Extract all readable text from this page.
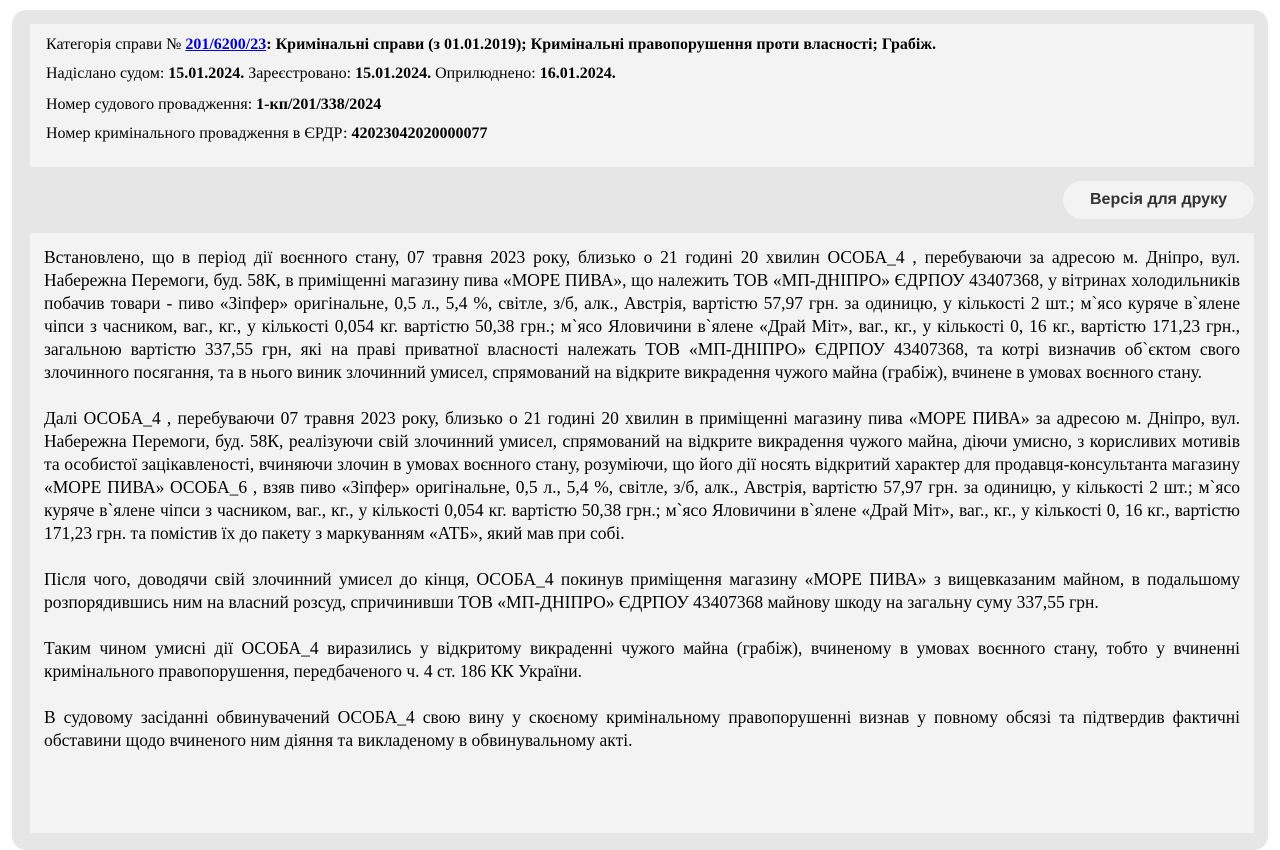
Категорія справи № 201/6200/23: Кримінальні справи (з 01.01.2019); Кримінальні правопорушення проти власності; Грабіж.
Надіслано судом: 15.01.2024. Зареєстровано: 15.01.2024. Оприлюднено: 16.01.2024.
Номер судового провадження: 1-кп/201/338/2024
Номер кримінального провадження в ЄРДР: 42023042020000077
Версія для друку

Встановлено, що в період дії воєнного стану, 07 травня 2023 року, близько о 21 годині 20 хвилин ОСОБА_4 , перебуваючи за адресою м. Дніпро, вул. Набережна Перемоги, буд. 58К, в приміщенні магазину пива «МОРЕ ПИВА», що належить ТОВ «МП-ДНІПРО» ЄДРПОУ 43407368, у вітринах холодильників побачив товари - пиво «Зіпфер» оригінальне, 0,5 л., 5,4 %, світле, з/б, алк., Австрія, вартістю 57,97 грн. за одиницю, у кількості 2 шт.; м`ясо куряче в`ялене чіпси з часником, ваг., кг., у кількості 0,054 кг. вартістю 50,38 грн.; м`ясо Яловичини в`ялене «Драй Міт», ваг., кг., у кількості 0, 16 кг., вартістю 171,23 грн., загальною вартістю 337,55 грн, які на праві приватної власності належать ТОВ «МП-ДНІПРО» ЄДРПОУ 43407368, та котрі визначив об`єктом свого злочинного посягання, та в нього виник злочинний умисел, спрямований на відкрите викрадення чужого майна (грабіж), вчинене в умовах воєнного стану.

Далі ОСОБА_4 , перебуваючи 07 травня 2023 року, близько о 21 годині 20 хвилин в приміщенні магазину пива «МОРЕ ПИВА» за адресою м. Дніпро, вул. Набережна Перемоги, буд. 58К, реалізуючи свій злочинний умисел, спрямований на відкрите викрадення чужого майна, діючи умисно, з корисливих мотивів та особистої зацікавленості, вчиняючи злочин в умовах воєнного стану, розуміючи, що його дії носять відкритий характер для продавця-консультанта магазину «МОРЕ ПИВА» ОСОБА_6 , взяв пиво «Зіпфер» оригінальне, 0,5 л., 5,4 %, світле, з/б, алк., Австрія, вартістю 57,97 грн. за одиницю, у кількості 2 шт.; м`ясо куряче в`ялене чіпси з часником, ваг., кг., у кількості 0,054 кг. вартістю 50,38 грн.; м`ясо Яловичини в`ялене «Драй Міт», ваг., кг., у кількості 0, 16 кг., вартістю 171,23 грн. та помістив їх до пакету з маркуванням «АТБ», який мав при собі.

Після чого, доводячи свій злочинний умисел до кінця, ОСОБА_4 покинув приміщення магазину «МОРЕ ПИВА» з вищевказаним майном, в подальшому розпорядившись ним на власний розсуд, спричинивши ТОВ «МП-ДНІПРО» ЄДРПОУ 43407368 майнову шкоду на загальну суму 337,55 грн.

Таким чином умисні дії ОСОБА_4 виразились у відкритому викраденні чужого майна (грабіж), вчиненому в умовах воєнного стану, тобто у вчиненні кримінального правопорушення, передбаченого ч. 4 ст. 186 КК України.

В судовому засіданні обвинувачений ОСОБА_4 свою вину у скоєному кримінальному правопорушенні визнав у повному обсязі та підтвердив фактичні обставини щодо вчиненого ним діяння та викладеному в обвинувальному акті.
